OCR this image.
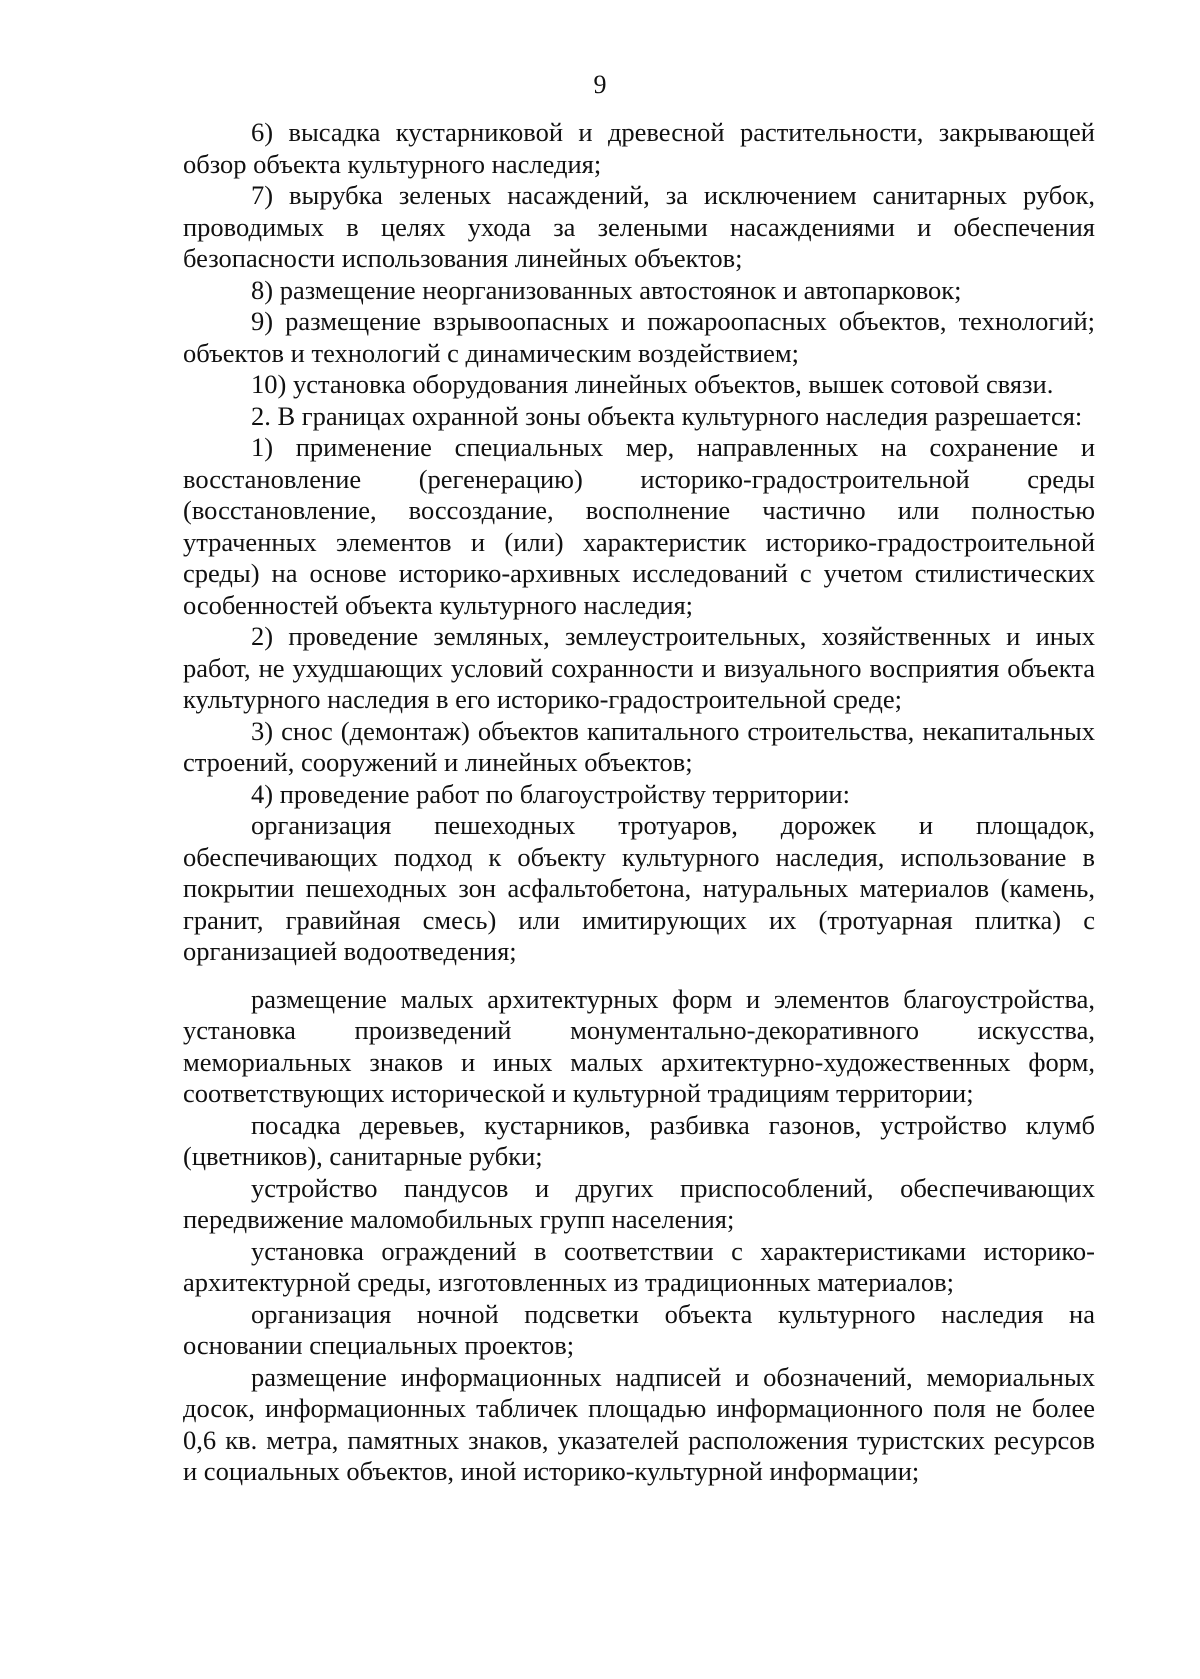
9

6) высадка кустарниковой и древесной растительности, закрывающей обзор объекта культурного наследия;

7) вырубка зеленых насаждений, за исключением санитарных рубок, проводимых в целях ухода за зелеными насаждениями и обеспечения безопасности использования линейных объектов;

8) размещение неорганизованных автостоянок и автопарковок;

9) размещение взрывоопасных и пожароопасных объектов, технологий; объектов и технологий с динамическим воздействием;

10) установка оборудования линейных объектов, вышек сотовой связи.

2. В границах охранной зоны объекта культурного наследия разрешается:

1) применение специальных мер, направленных на сохранение и восстановление (регенерацию) историко-градостроительной среды (восстановление, воссоздание, восполнение частично или полностью утраченных элементов и (или) характеристик историко-градостроительной среды) на основе историко-архивных исследований с учетом стилистических особенностей объекта культурного наследия;

2) проведение земляных, землеустроительных, хозяйственных и иных работ, не ухудшающих условий сохранности и визуального восприятия объекта культурного наследия в его историко-градостроительной среде;

3) снос (демонтаж) объектов капитального строительства, некапитальных строений, сооружений и линейных объектов;

4) проведение работ по благоустройству территории:

организация пешеходных тротуаров, дорожек и площадок, обеспечивающих подход к объекту культурного наследия, использование в покрытии пешеходных зон асфальтобетона, натуральных материалов (камень, гранит, гравийная смесь) или имитирующих их (тротуарная плитка) с организацией водоотведения;

размещение малых архитектурных форм и элементов благоустройства, установка произведений монументально-декоративного искусства, мемориальных знаков и иных малых архитектурно-художественных форм, соответствующих исторической и культурной традициям территории;

посадка деревьев, кустарников, разбивка газонов, устройство клумб (цветников), санитарные рубки;

устройство пандусов и других приспособлений, обеспечивающих передвижение маломобильных групп населения;

установка ограждений в соответствии с характеристиками историко-архитектурной среды, изготовленных из традиционных материалов;

организация ночной подсветки объекта культурного наследия на основании специальных проектов;

размещение информационных надписей и обозначений, мемориальных досок, информационных табличек площадью информационного поля не более 0,6 кв. метра, памятных знаков, указателей расположения туристских ресурсов и социальных объектов, иной историко-культурной информации;
